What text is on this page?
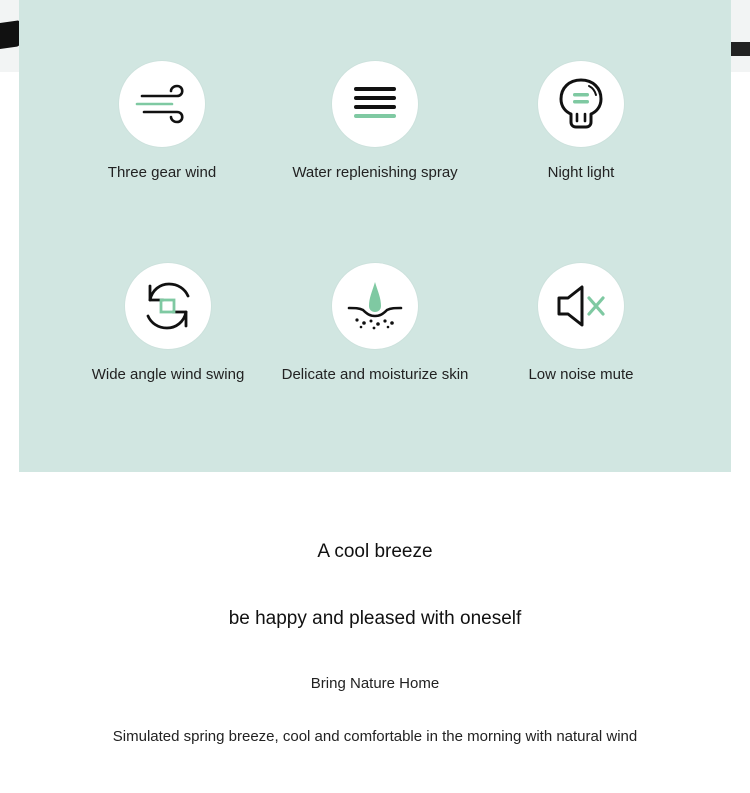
Three gear wind	Water replenishing spray	Night light
Wide angle wind swing	Delicate and moisturize skin	Low noise mute
A cool breeze
be happy and pleased with oneself
Bring Nature Home
Simulated spring breeze, cool and comfortable in the morning with natural wind
